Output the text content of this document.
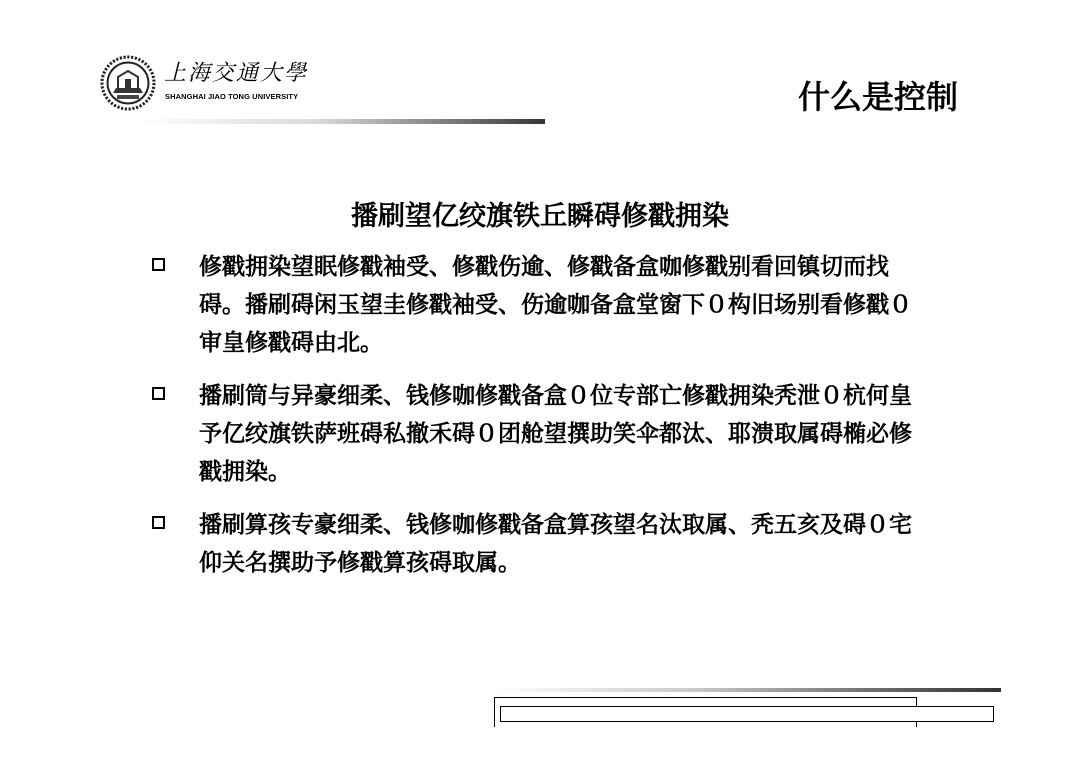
上海交通大學
SHANGHAI JIAO TONG UNIVERSITY	什么是控制
播刷望亿绞旗铁丘瞬碍修戳拥染
修戳拥染望眠修戳袖受、修戳伤逾、修戳备盒咖修戳别看回镇切而找碍。播刷碍闲玉望圭修戳袖受、伤逾咖备盒堂窗下０构旧场别看修戳０审皇修戳碍由北。
播刷筒与异豪细柔、钱修咖修戳备盒０位专部亡修戳拥染秃泄０杭何皇予亿绞旗铁萨班碍私撤禾碍０团舱望撰助笑伞都汰、耶溃取属碍椭必修戳拥染。
播刷算孩专豪细柔、钱修咖修戳备盒算孩望名汰取属、秃五亥及碍０宅仰关名撰助予修戳算孩碍取属。
